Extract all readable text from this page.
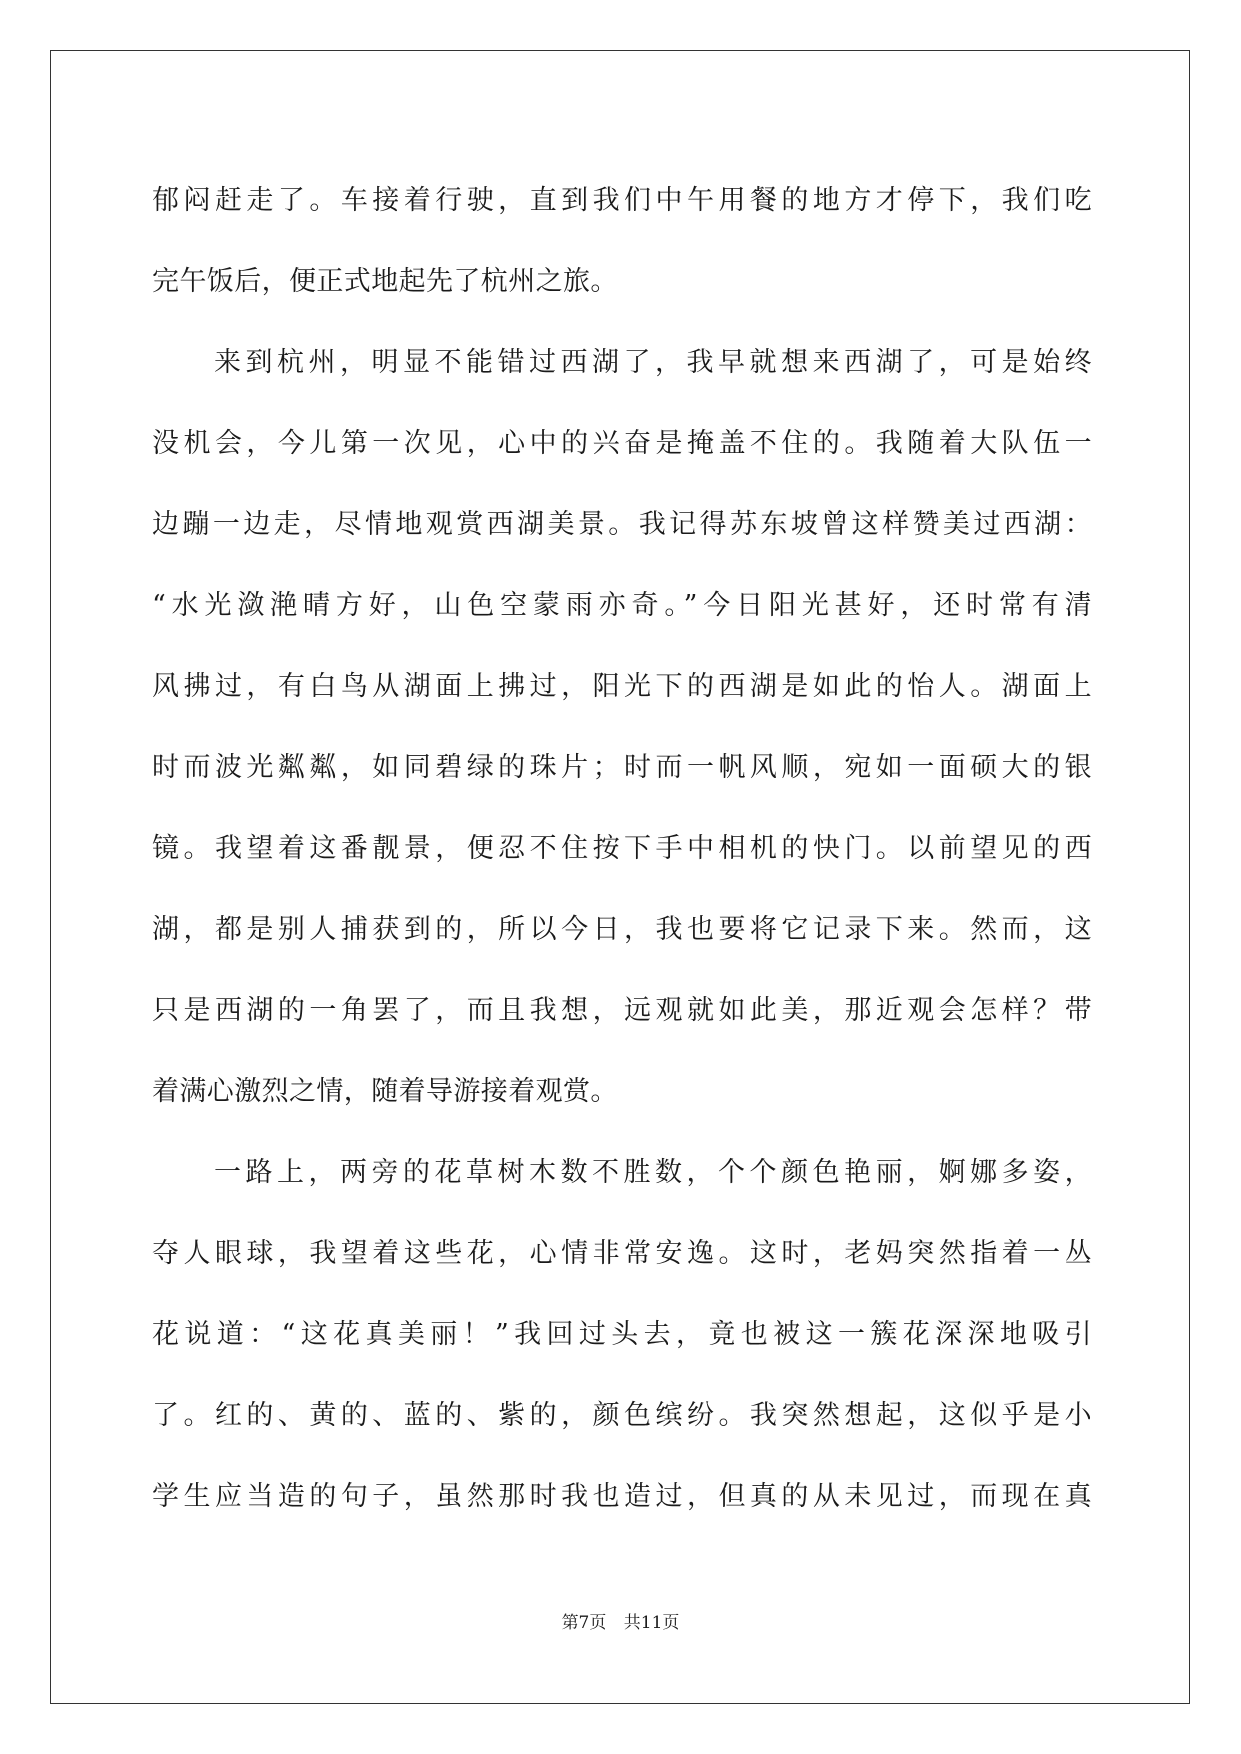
郁闷赶走了。车接着行驶，直到我们中午用餐的地方才停下，我们吃
完午饭后，便正式地起先了杭州之旅。
来到杭州，明显不能错过西湖了，我早就想来西湖了，可是始终
没机会，今儿第一次见，心中的兴奋是掩盖不住的。我随着大队伍一
边蹦一边走，尽情地观赏西湖美景。我记得苏东坡曾这样赞美过西湖：
“水光潋滟晴方好，山色空蒙雨亦奇。”今日阳光甚好，还时常有清
风拂过，有白鸟从湖面上拂过，阳光下的西湖是如此的怡人。湖面上
时而波光粼粼，如同碧绿的珠片；时而一帆风顺，宛如一面硕大的银
镜。我望着这番靓景，便忍不住按下手中相机的快门。以前望见的西
湖，都是别人捕获到的，所以今日，我也要将它记录下来。然而，这
只是西湖的一角罢了，而且我想，远观就如此美，那近观会怎样？带
着满心激烈之情，随着导游接着观赏。
一路上，两旁的花草树木数不胜数，个个颜色艳丽，婀娜多姿，
夺人眼球，我望着这些花，心情非常安逸。这时，老妈突然指着一丛
花说道：“这花真美丽！”我回过头去，竟也被这一簇花深深地吸引
了。红的、黄的、蓝的、紫的，颜色缤纷。我突然想起，这似乎是小
学生应当造的句子，虽然那时我也造过，但真的从未见过，而现在真
第7页 共11页
